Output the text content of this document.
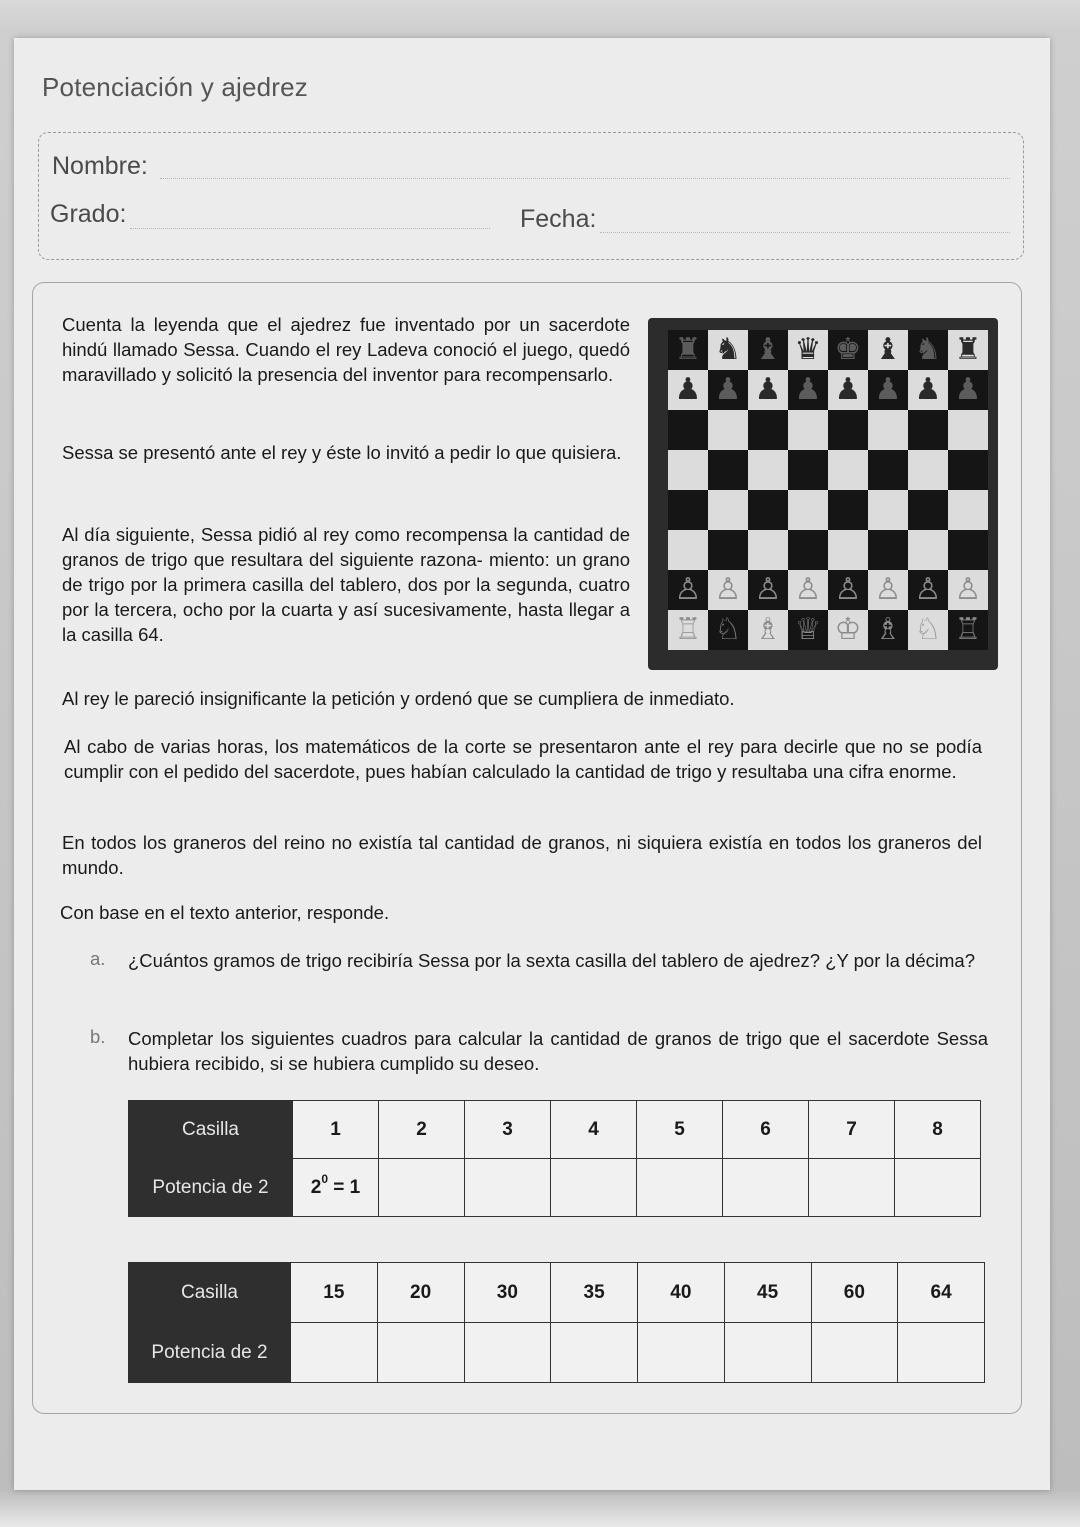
Potenciación y ajedrez
Nombre:
Grado:	Fecha:

Cuenta la leyenda que el ajedrez fue inventado por un sacerdote hindú llamado Sessa. Cuando el rey Ladeva conoció el juego, quedó maravillado y solicitó la presencia del inventor para recompensarlo.

Sessa se presentó ante el rey y éste lo invitó a pedir lo que quisiera.

Al día siguiente, Sessa pidió al rey como recompensa la cantidad de granos de trigo que resultara del siguiente razona- miento: un grano de trigo por la primera casilla del tablero, dos por la segunda, cuatro por la tercera, ocho por la cuarta y así sucesivamente, hasta llegar a la casilla 64.

♜ ♞ ♝ ♛ ♚ ♝ ♞ ♜
♟ ♟ ♟ ♟ ♟ ♟ ♟ ♟
♙ ♙ ♙ ♙ ♙ ♙ ♙ ♙
♖ ♘ ♗ ♕ ♔ ♗ ♘ ♖

Al rey le pareció insignificante la petición y ordenó que se cumpliera de inmediato.

Al cabo de varias horas, los matemáticos de la corte se presentaron ante el rey para decirle que no se podía cumplir con el pedido del sacerdote, pues habían calculado la cantidad de trigo y resultaba una cifra enorme.

En todos los graneros del reino no existía tal cantidad de granos, ni siquiera existía en todos los graneros del mundo.

Con base en el texto anterior, responde.

a. ¿Cuántos gramos de trigo recibiría Sessa por la sexta casilla del tablero de ajedrez? ¿Y por la décima?

b. Completar los siguientes cuadros para calcular la cantidad de granos de trigo que el sacerdote Sessa hubiera recibido, si se hubiera cumplido su deseo.

Casilla	1	2	3	4	5	6	7	8
Potencia de 2	$2^0 = 1$							
Casilla	15	20	30	35	40	45	60	64
Potencia de 2								
